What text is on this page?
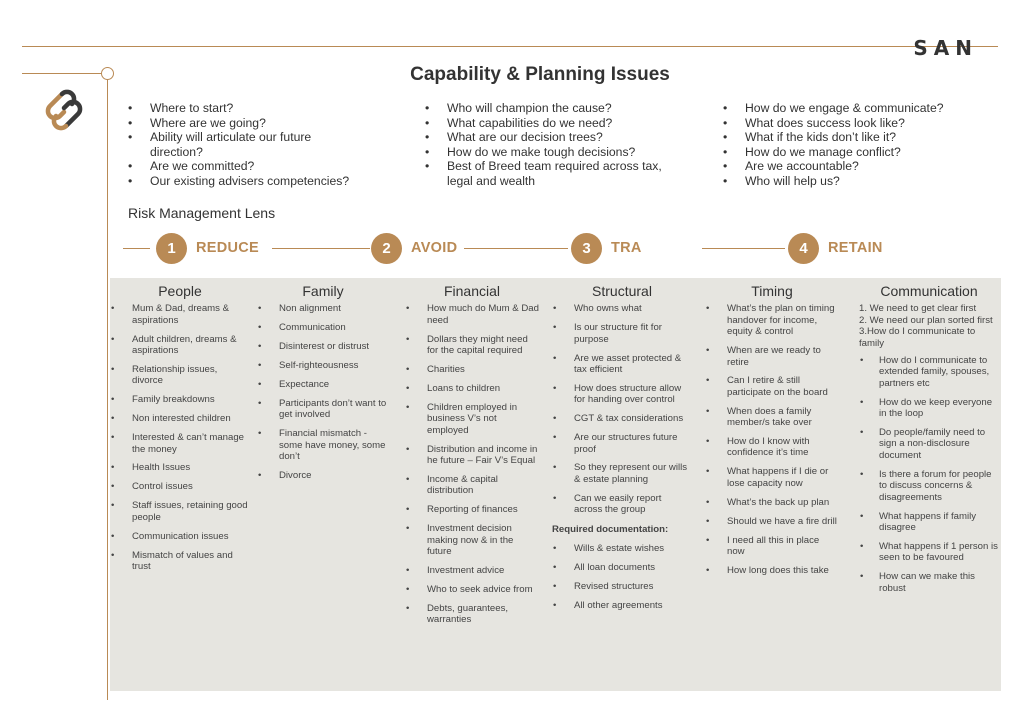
SAN
Capability & Planning Issues
• Where to start?
• Where are we going?
• Ability will articulate our future direction?
• Are we committed?
• Our existing advisers competencies?
• Who will champion the cause?
• What capabilities do we need?
• What are our decision trees?
• How do we make tough decisions?
• Best of Breed team required across tax, legal and wealth
• How do we engage & communicate?
• What does success look like?
• What if the kids don’t like it?
• How do we manage conflict?
• Are we accountable?
• Who will help us?
Risk Management Lens
1	REDUCE	2	AVOID	3	TRA	4	RETAIN
People
• Mum & Dad, dreams & aspirations
• Adult children, dreams & aspirations
• Relationship issues, divorce
• Family breakdowns
• Non interested children
• Interested & can’t manage the money
• Health Issues
• Control issues
• Staff issues, retaining good people
• Communication issues
• Mismatch of values and trust
Family
• Non alignment
• Communication
• Disinterest or distrust
• Self-righteousness
• Expectance
• Participants don’t want to get involved
• Financial mismatch - some have money, some don’t
• Divorce
Financial
• How much do Mum & Dad need
• Dollars they might need for the capital required
• Charities
• Loans to children
• Children employed in business V’s not employed
• Distribution and income in he future – Fair V’s Equal
• Income & capital distribution
• Reporting of finances
• Investment decision making now & in the future
• Investment advice
• Who to seek advice from
• Debts, guarantees, warranties
Structural
• Who owns what
• Is our structure fit for purpose
• Are we asset protected & tax efficient
• How does structure allow for handing over control
• CGT & tax considerations
• Are our structures future proof
• So they represent our wills & estate planning
• Can we easily report across the group
Required documentation:
• Wills & estate wishes
• All loan documents
• Revised structures
• All other agreements
Timing
• What’s the plan on timing handover for income, equity & control
• When are we ready to retire
• Can I retire & still participate on the board
• When does a family member/s take over
• How do I know with confidence it’s time
• What happens if I die or lose capacity now
• What’s the back up plan
• Should we have a fire drill
• I need all this in place now
• How long does this take
Communication

1. We need to get clear first

2. We need our plan sorted first

3.How do I communicate to family

• How do I communicate to extended family, spouses, partners etc
• How do we keep everyone in the loop
• Do people/family need to sign a non-disclosure document
• Is there a forum for people to discuss concerns & disagreements
• What happens if family disagree
• What happens if 1 person is seen to be favoured
• How can we make this robust
